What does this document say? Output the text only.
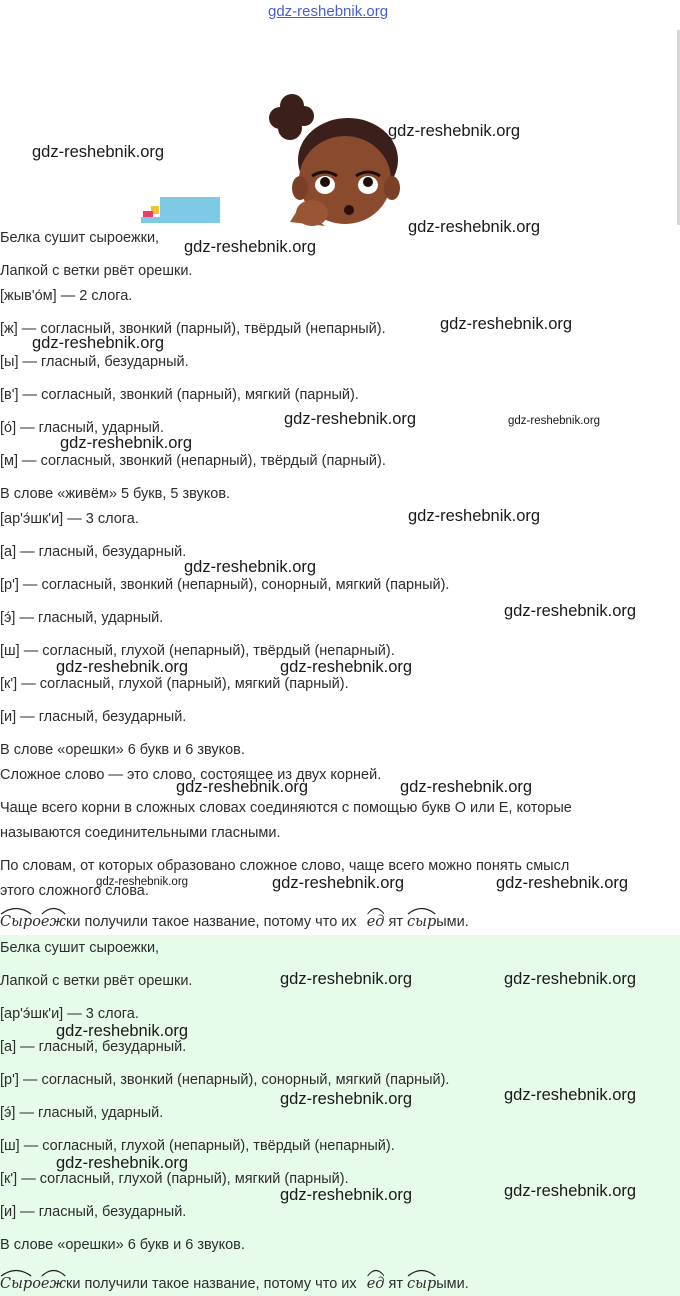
gdz-reshebnik.org
Белка сушит сыроежки,
Лапкой с ветки рвёт орешки.
[жыв'о́м] — 2 слога.
[ж] — согласный, звонкий (парный), твёрдый (непарный).
[ы] — гласный, безударный.
[в'] — согласный, звонкий (парный), мягкий (парный).
[о́] — гласный, ударный.
[м] — согласный, звонкий (непарный), твёрдый (парный).
В слове «живём» 5 букв, 5 звуков.
[ар'э́шк'и] — 3 слога.
[а] — гласный, безударный.
[р'] — согласный, звонкий (непарный), сонорный, мягкий (парный).
[э́] — гласный, ударный.
[ш] — согласный, глухой (непарный), твёрдый (непарный).
[к'] — согласный, глухой (парный), мягкий (парный).
[и] — гласный, безударный.
В слове «орешки» 6 букв и 6 звуков.
Сложное слово — это слово, состоящее из двух корней.
Чаще всего корни в сложных словах соединяются с помощью букв О или Е, которые
называются соединительными гласными.
По словам, от которых образовано сложное слово, чаще всего можно понять смысл
этого сложного слова.
Сыро
ежки получили такое название, потому что их ед ят сырыми.
Белка сушит сыроежки,
Лапкой с ветки рвёт орешки.
[ар'э́шк'и] — 3 слога.
[а] — гласный, безударный.
[р'] — согласный, звонкий (непарный), сонорный, мягкий (парный).
[э́] — гласный, ударный.
[ш] — согласный, глухой (непарный), твёрдый (непарный).
[к'] — согласный, глухой (парный), мягкий (парный).
[и] — гласный, безударный.
В слове «орешки» 6 букв и 6 звуков.
Сыро
ежки получили такое название, потому что их ед ят сырыми.
gdz-reshebnik.org
gdz-reshebnik.org
gdz-reshebnik.org
gdz-reshebnik.org
gdz-reshebnik.org
gdz-reshebnik.org
gdz-reshebnik.org	gdz-reshebnik.org
gdz-reshebnik.org
gdz-reshebnik.org
gdz-reshebnik.org
gdz-reshebnik.org
gdz-reshebnik.org	gdz-reshebnik.org
gdz-reshebnik.org	gdz-reshebnik.org
gdz-reshebnik.org	gdz-reshebnik.org	gdz-reshebnik.org
gdz-reshebnik.org	gdz-reshebnik.org
gdz-reshebnik.org
gdz-reshebnik.org	gdz-reshebnik.org
gdz-reshebnik.org
gdz-reshebnik.org	gdz-reshebnik.org
